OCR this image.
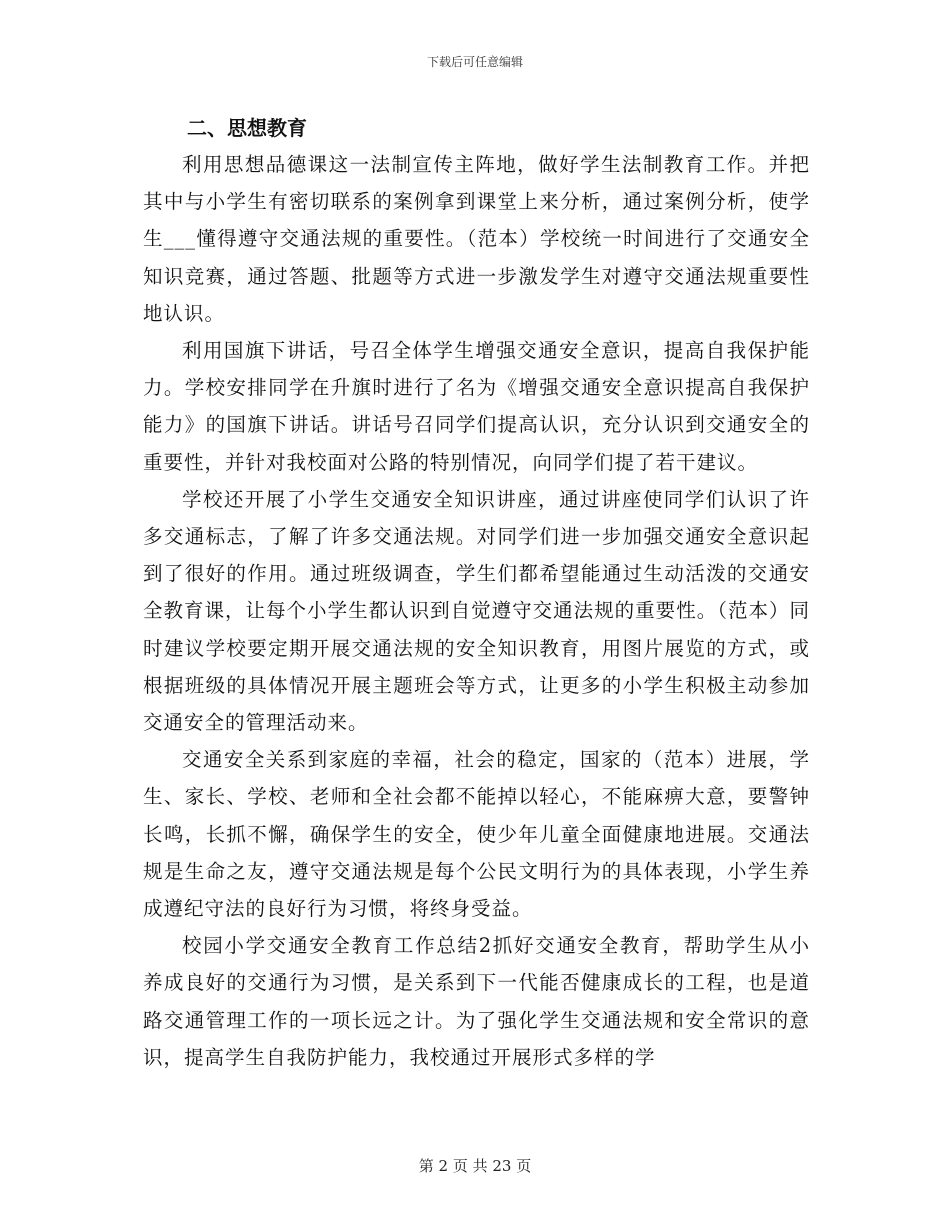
下载后可任意编辑
二、思想教育

利用思想品德课这一法制宣传主阵地，做好学生法制教育工作。并把其中与小学生有密切联系的案例拿到课堂上来分析，通过案例分析，使学生___懂得遵守交通法规的重要性。（范本）学校统一时间进行了交通安全知识竞赛，通过答题、批题等方式进一步激发学生对遵守交通法规重要性地认识。

利用国旗下讲话，号召全体学生增强交通安全意识，提高自我保护能力。学校安排同学在升旗时进行了名为《增强交通安全意识提高自我保护能力》的国旗下讲话。讲话号召同学们提高认识，充分认识到交通安全的重要性，并针对我校面对公路的特别情况，向同学们提了若干建议。

学校还开展了小学生交通安全知识讲座，通过讲座使同学们认识了许多交通标志，了解了许多交通法规。对同学们进一步加强交通安全意识起到了很好的作用。通过班级调查，学生们都希望能通过生动活泼的交通安全教育课，让每个小学生都认识到自觉遵守交通法规的重要性。（范本）同时建议学校要定期开展交通法规的安全知识教育，用图片展览的方式，或根据班级的具体情况开展主题班会等方式，让更多的小学生积极主动参加交通安全的管理活动来。

交通安全关系到家庭的幸福，社会的稳定，国家的（范本）进展，学生、家长、学校、老师和全社会都不能掉以轻心，不能麻痹大意，要警钟长鸣，长抓不懈，确保学生的安全，使少年儿童全面健康地进展。交通法规是生命之友，遵守交通法规是每个公民文明行为的具体表现，小学生养成遵纪守法的良好行为习惯，将终身受益。

校园小学交通安全教育工作总结2抓好交通安全教育，帮助学生从小养成良好的交通行为习惯，是关系到下一代能否健康成长的工程，也是道路交通管理工作的一项长远之计。为了强化学生交通法规和安全常识的意识，提高学生自我防护能力，我校通过开展形式多样的学

第 2 页 共 23 页
